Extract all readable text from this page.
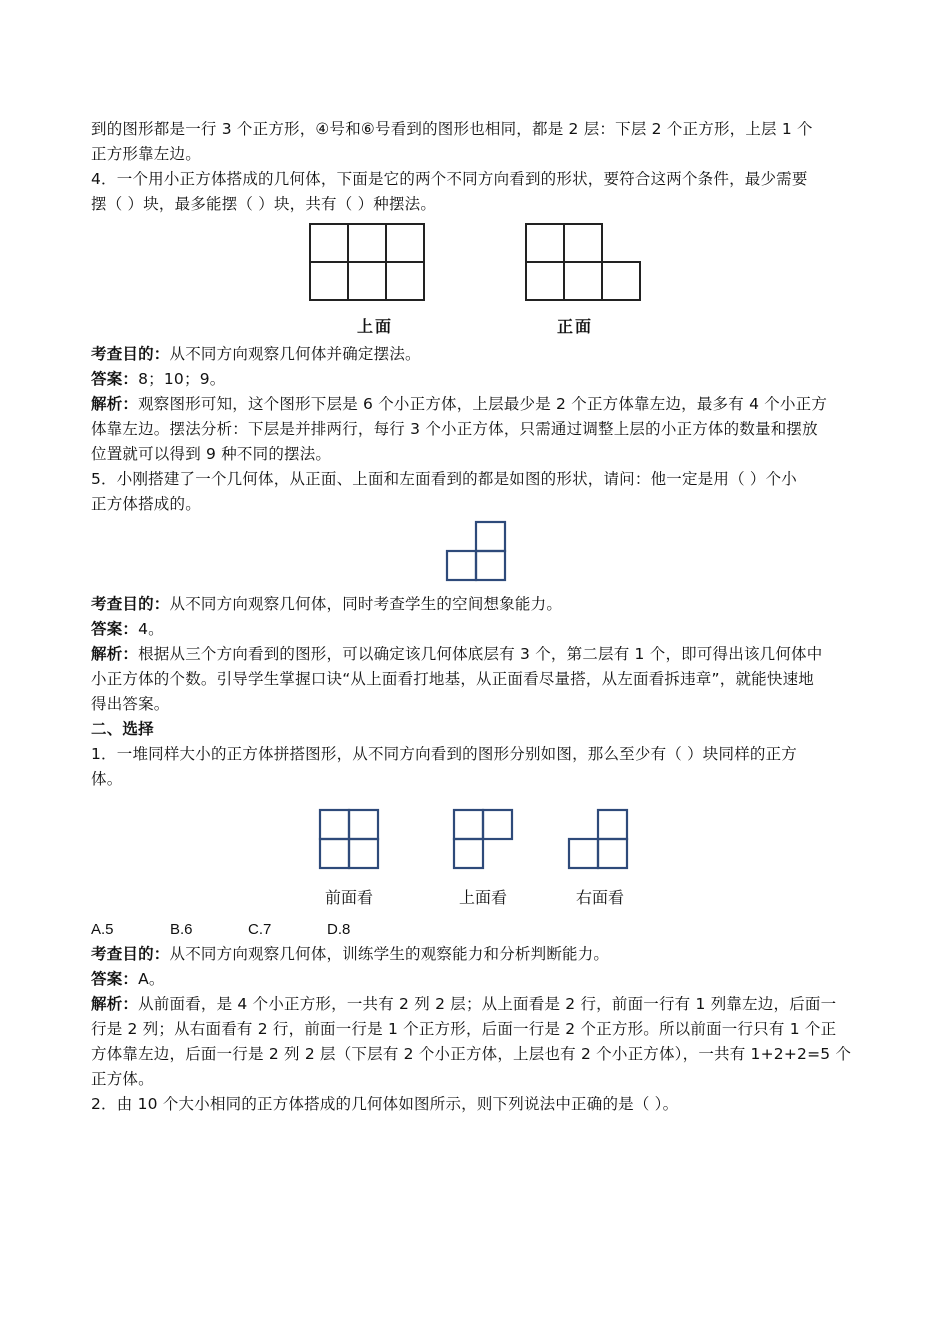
到的图形都是一行 3 个正方形，④号和⑥号看到的图形也相同，都是 2 层：下层 2 个正方形，上层 1 个
正方形靠左边。
4．一个用小正方体搭成的几何体，下面是它的两个不同方向看到的形状，要符合这两个条件，最少需要
摆（ ）块，最多能摆（ ）块，共有（ ）种摆法。
上面	正面
考查目的：从不同方向观察几何体并确定摆法。
答案：8；10；9。
解析：观察图形可知，这个图形下层是 6 个小正方体，上层最少是 2 个正方体靠左边，最多有 4 个小正方
体靠左边。摆法分析：下层是并排两行，每行 3 个小正方体，只需通过调整上层的小正方体的数量和摆放
位置就可以得到 9 种不同的摆法。
5．小刚搭建了一个几何体，从正面、上面和左面看到的都是如图的形状，请问：他一定是用（ ）个小
正方体搭成的。
考查目的：从不同方向观察几何体，同时考查学生的空间想象能力。
答案：4。
解析：根据从三个方向看到的图形，可以确定该几何体底层有 3 个，第二层有 1 个，即可得出该几何体中
小正方体的个数。引导学生掌握口诀“从上面看打地基，从正面看尽量搭，从左面看拆违章”，就能快速地
得出答案。
二、选择
1．一堆同样大小的正方体拼搭图形，从不同方向看到的图形分别如图，那么至少有（ ）块同样的正方
体。
前面看	上面看	右面看
A.5	B.6	C.7	D.8
考查目的：从不同方向观察几何体，训练学生的观察能力和分析判断能力。
答案：A。
解析：从前面看，是 4 个小正方形，一共有 2 列 2 层；从上面看是 2 行，前面一行有 1 列靠左边，后面一
行是 2 列；从右面看有 2 行，前面一行是 1 个正方形，后面一行是 2 个正方形。所以前面一行只有 1 个正
方体靠左边，后面一行是 2 列 2 层（下层有 2 个小正方体，上层也有 2 个小正方体），一共有 1+2+2=5 个
正方体。
2．由 10 个大小相同的正方体搭成的几何体如图所示，则下列说法中正确的是（ ）。
